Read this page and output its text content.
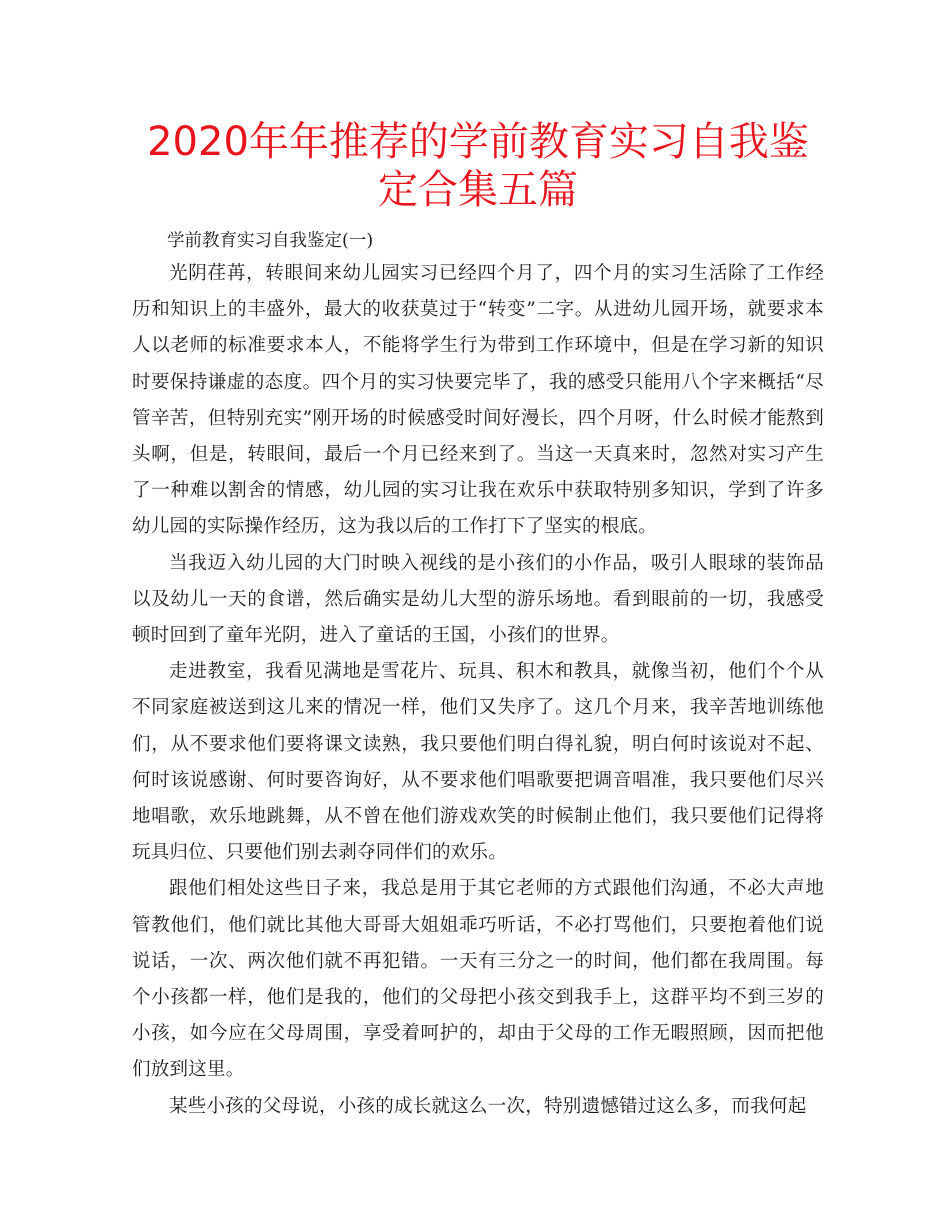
2020年年推荐的学前教育实习自我鉴定合集五篇

学前教育实习自我鉴定(一)

光阴荏苒，转眼间来幼儿园实习已经四个月了，四个月的实习生活除了工作经历和知识上的丰盛外，最大的收获莫过于“转变”二字。从进幼儿园开场，就要求本人以老师的标准要求本人，不能将学生行为带到工作环境中，但是在学习新的知识时要保持谦虚的态度。四个月的实习快要完毕了，我的感受只能用八个字来概括“尽管辛苦，但特别充实”刚开场的时候感受时间好漫长，四个月呀，什么时候才能熬到头啊，但是，转眼间，最后一个月已经来到了。当这一天真来时，忽然对实习产生了一种难以割舍的情感，幼儿园的实习让我在欢乐中获取特别多知识，学到了许多幼儿园的实际操作经历，这为我以后的工作打下了坚实的根底。

当我迈入幼儿园的大门时映入视线的是小孩们的小作品，吸引人眼球的装饰品以及幼儿一天的食谱，然后确实是幼儿大型的游乐场地。看到眼前的一切，我感受顿时回到了童年光阴，进入了童话的王国，小孩们的世界。

走进教室，我看见满地是雪花片、玩具、积木和教具，就像当初，他们个个从不同家庭被送到这儿来的情况一样，他们又失序了。这几个月来，我辛苦地训练他们，从不要求他们要将课文读熟，我只要他们明白得礼貌，明白何时该说对不起、何时该说感谢、何时要咨询好，从不要求他们唱歌要把调音唱准，我只要他们尽兴地唱歌，欢乐地跳舞，从不曾在他们游戏欢笑的时候制止他们，我只要他们记得将玩具归位、只要他们别去剥夺同伴们的欢乐。

跟他们相处这些日子来，我总是用于其它老师的方式跟他们沟通，不必大声地管教他们，他们就比其他大哥哥大姐姐乖巧听话，不必打骂他们，只要抱着他们说说话，一次、两次他们就不再犯错。一天有三分之一的时间，他们都在我周围。每个小孩都一样，他们是我的，他们的父母把小孩交到我手上，这群平均不到三岁的小孩，如今应在父母周围，享受着呵护的，却由于父母的工作无暇照顾，因而把他们放到这里。

某些小孩的父母说，小孩的成长就这么一次，特别遗憾错过这么多，而我何起
